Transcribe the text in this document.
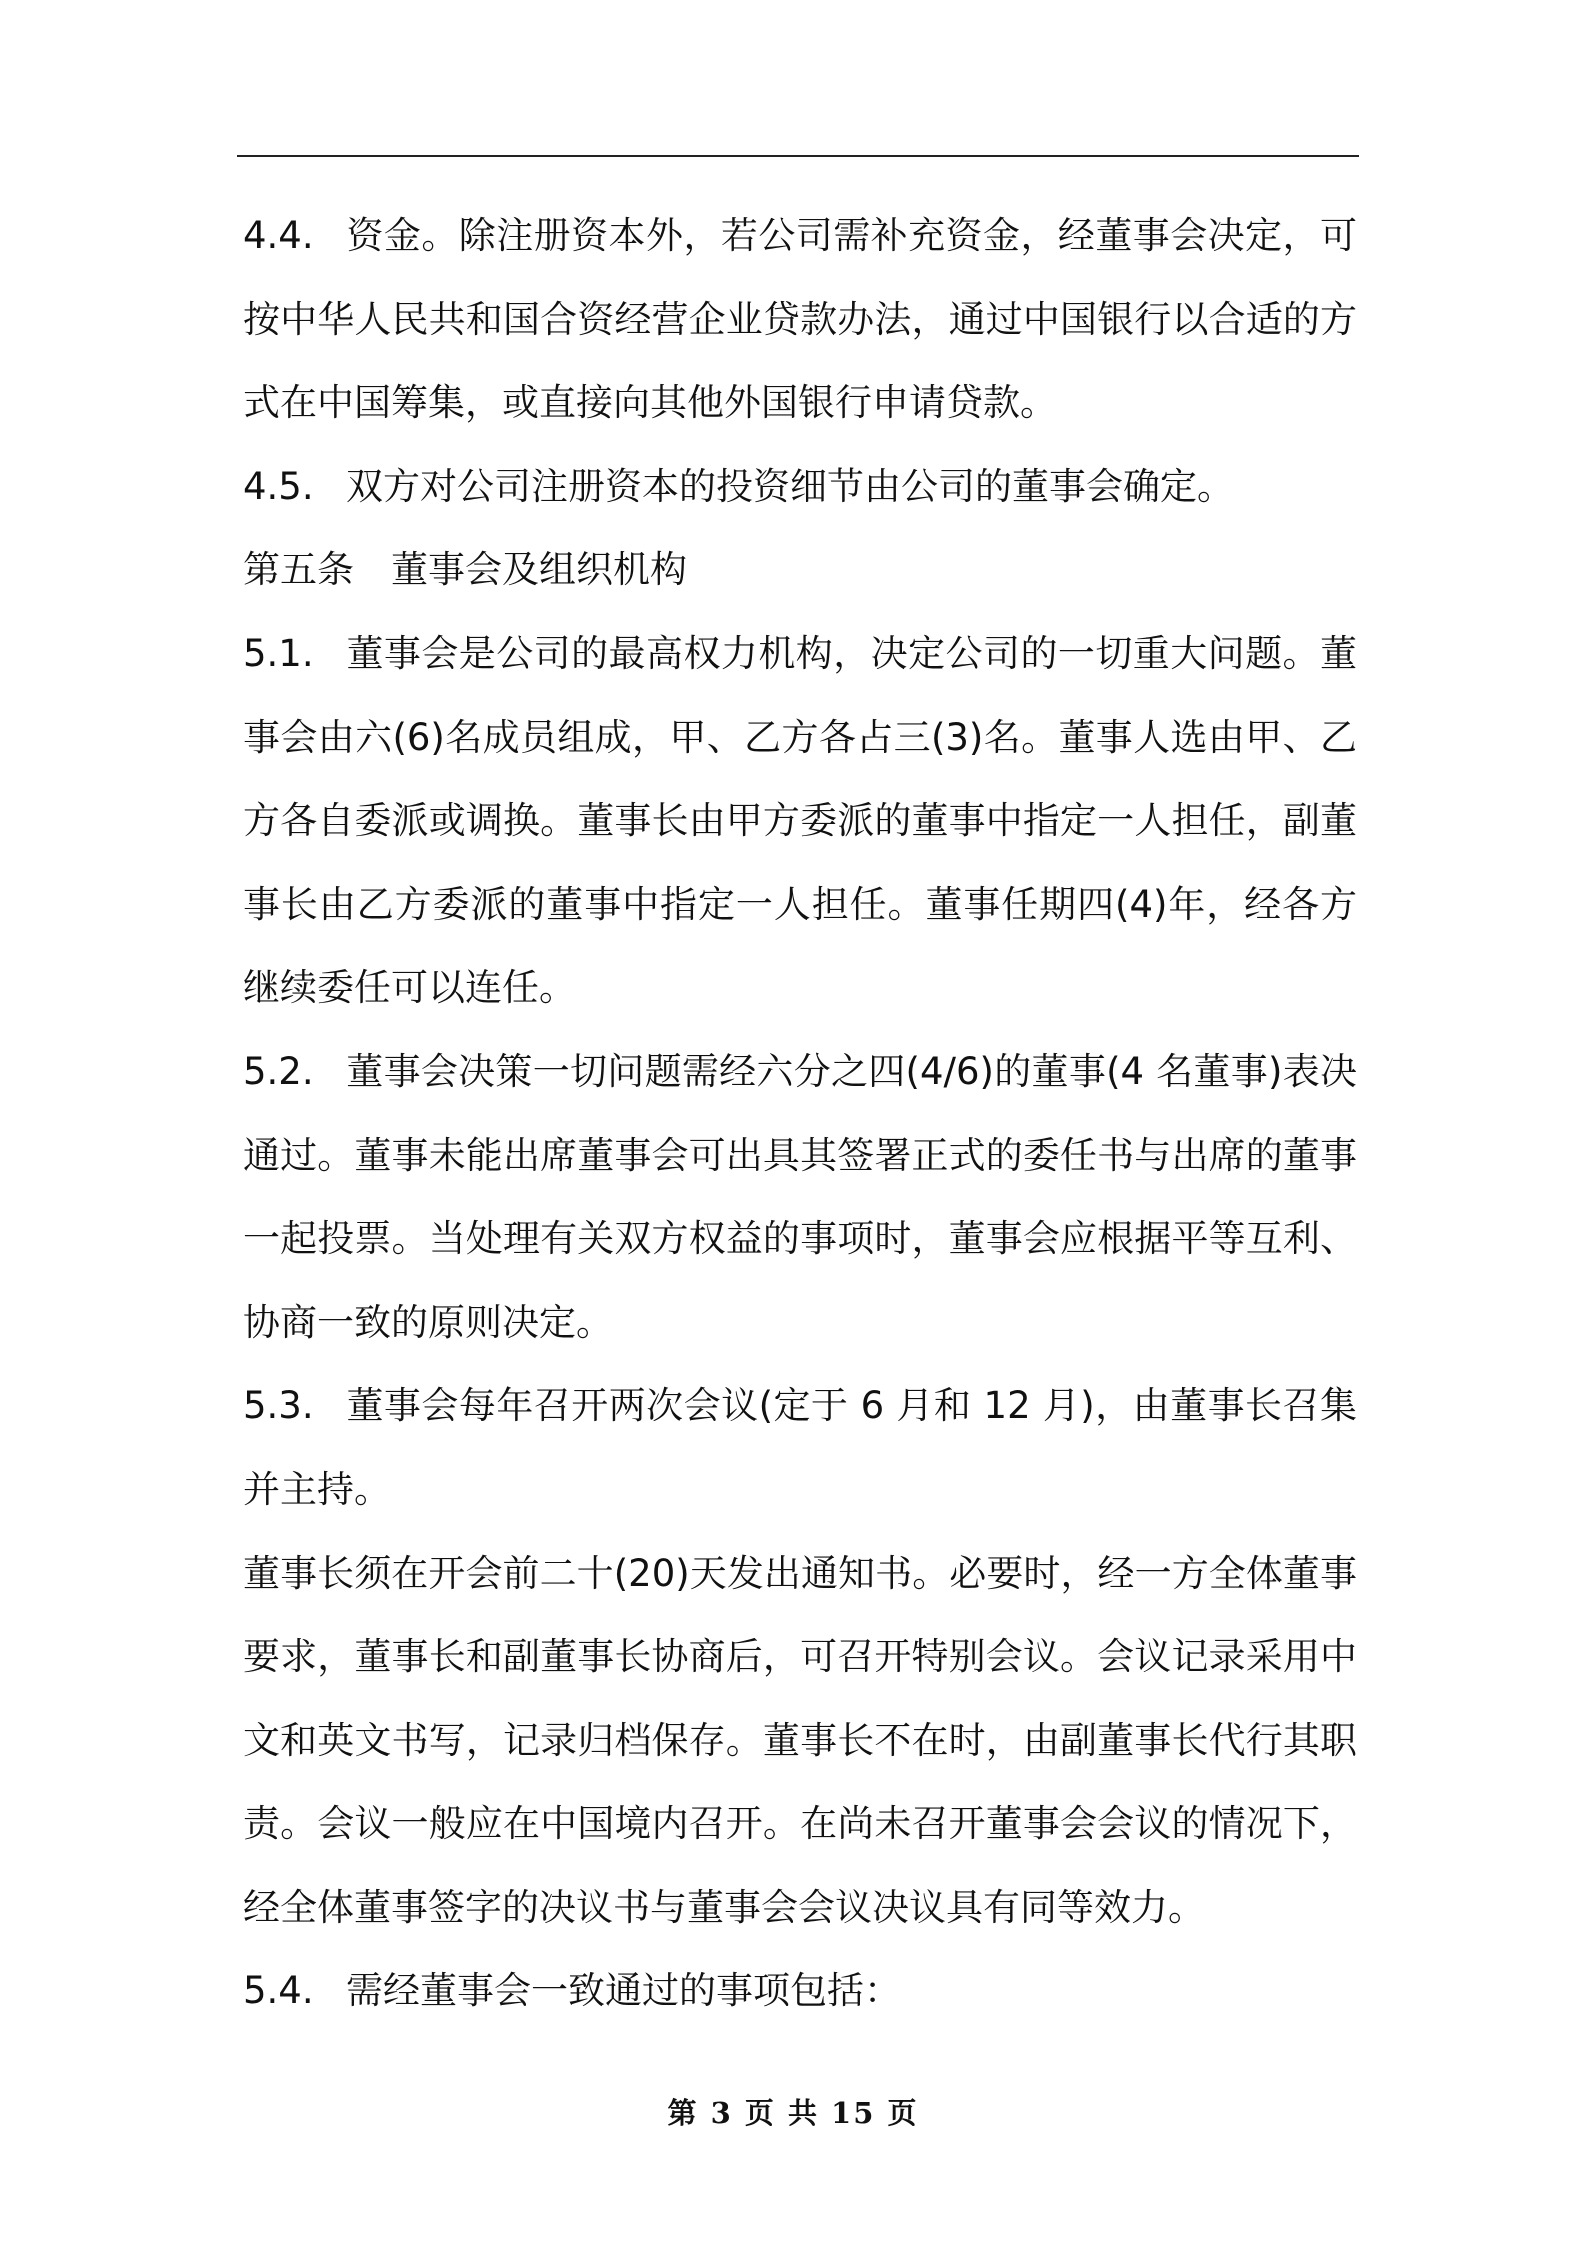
4.4. 资金。除注册资本外，若公司需补充资金，经董事会决定，可

按中华人民共和国合资经营企业贷款办法，通过中国银行以合适的方

式在中国筹集，或直接向其他外国银行申请贷款。

4.5. 双方对公司注册资本的投资细节由公司的董事会确定。

第五条 董事会及组织机构

5.1. 董事会是公司的最高权力机构，决定公司的一切重大问题。董

事会由六(6)名成员组成，甲、乙方各占三(3)名。董事人选由甲、乙

方各自委派或调换。董事长由甲方委派的董事中指定一人担任，副董

事长由乙方委派的董事中指定一人担任。董事任期四(4)年，经各方

继续委任可以连任。

5.2. 董事会决策一切问题需经六分之四(4/6)的董事(4 名董事)表决

通过。董事未能出席董事会可出具其签署正式的委任书与出席的董事

一起投票。当处理有关双方权益的事项时，董事会应根据平等互利、

协商一致的原则决定。

5.3. 董事会每年召开两次会议(定于 6 月和 12 月)，由董事长召集

并主持。

董事长须在开会前二十(20)天发出通知书。必要时，经一方全体董事

要求，董事长和副董事长协商后，可召开特别会议。会议记录采用中

文和英文书写，记录归档保存。董事长不在时，由副董事长代行其职

责。会议一般应在中国境内召开。在尚未召开董事会会议的情况下，

经全体董事签字的决议书与董事会会议决议具有同等效力。

5.4. 需经董事会一致通过的事项包括：

第 3 页 共 15 页
